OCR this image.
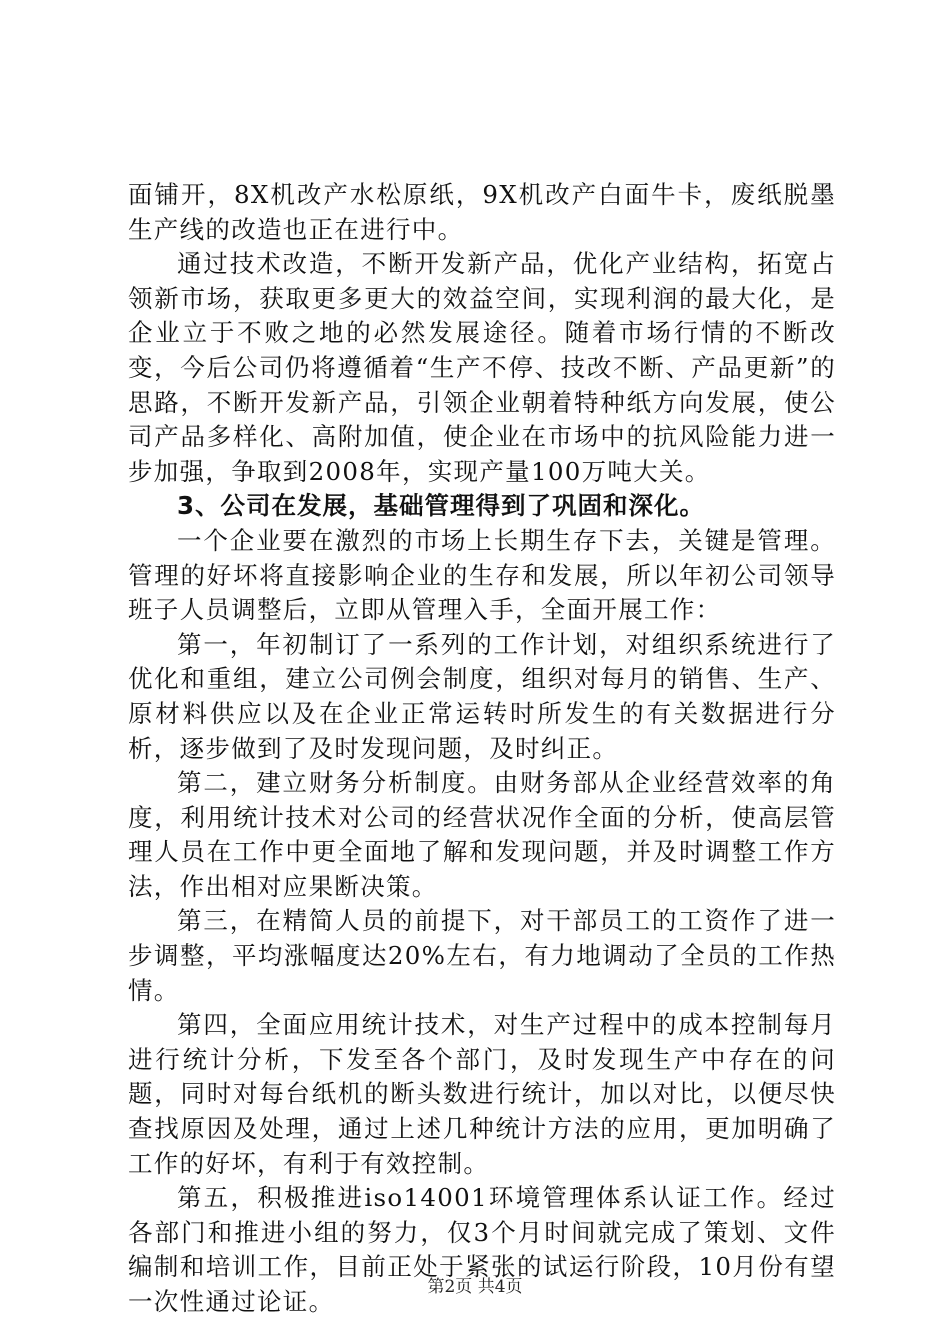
面铺开，8X机改产水松原纸，9X机改产白面牛卡，废纸脱墨生产线的改造也正在进行中。

通过技术改造，不断开发新产品，优化产业结构，拓宽占领新市场，获取更多更大的效益空间，实现利润的最大化，是企业立于不败之地的必然发展途径。随着市场行情的不断改变，今后公司仍将遵循着“生产不停、技改不断、产品更新”的思路，不断开发新产品，引领企业朝着特种纸方向发展，使公司产品多样化、高附加值，使企业在市场中的抗风险能力进一步加强，争取到2008年，实现产量100万吨大关。

3、公司在发展，基础管理得到了巩固和深化。

一个企业要在激烈的市场上长期生存下去，关键是管理。管理的好坏将直接影响企业的生存和发展，所以年初公司领导班子人员调整后，立即从管理入手，全面开展工作：

第一，年初制订了一系列的工作计划，对组织系统进行了优化和重组，建立公司例会制度，组织对每月的销售、生产、原材料供应以及在企业正常运转时所发生的有关数据进行分析，逐步做到了及时发现问题，及时纠正。

第二，建立财务分析制度。由财务部从企业经营效率的角度，利用统计技术对公司的经营状况作全面的分析，使高层管理人员在工作中更全面地了解和发现问题，并及时调整工作方法，作出相对应果断决策。

第三，在精简人员的前提下，对干部员工的工资作了进一步调整，平均涨幅度达20%左右，有力地调动了全员的工作热情。

第四，全面应用统计技术，对生产过程中的成本控制每月进行统计分析，下发至各个部门，及时发现生产中存在的问题，同时对每台纸机的断头数进行统计，加以对比，以便尽快查找原因及处理，通过上述几种统计方法的应用，更加明确了工作的好坏，有利于有效控制。

第五，积极推进iso14001环境管理体系认证工作。经过各部门和推进小组的努力，仅3个月时间就完成了策划、文件编制和培训工作，目前正处于紧张的试运行阶段，10月份有望一次性通过论证。	第2页 共4页
